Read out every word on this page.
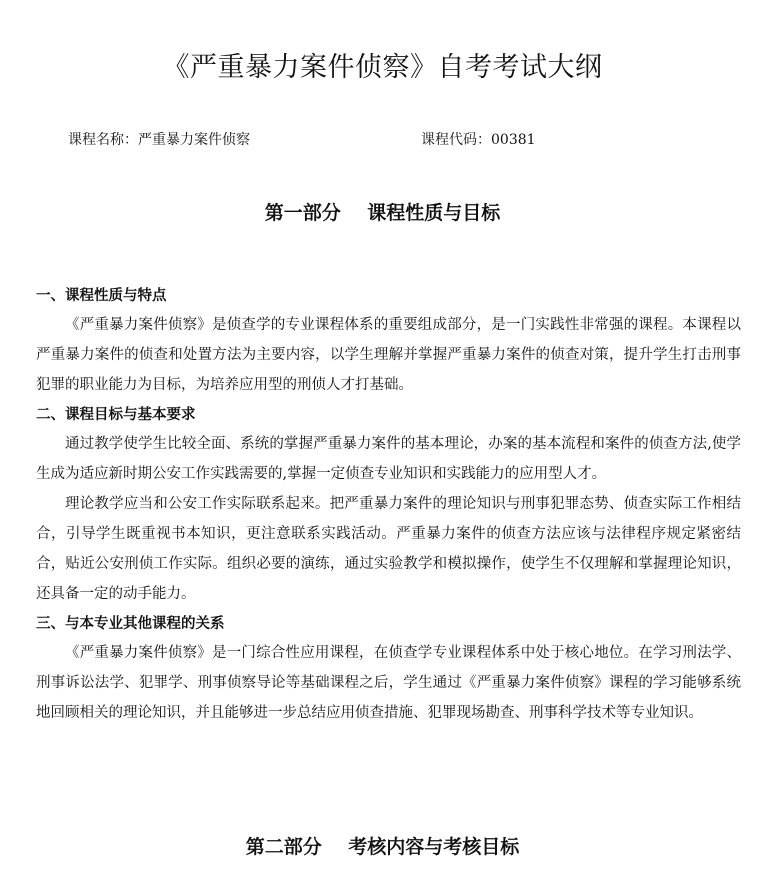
《严重暴力案件侦察》自考考试大纲
课程名称：严重暴力案件侦察	课程代码：00381
第一部分    课程性质与目标
一、课程性质与特点

《严重暴力案件侦察》是侦查学的专业课程体系的重要组成部分，是一门实践性非常强的课程。本课程以严重暴力案件的侦查和处置方法为主要内容，以学生理解并掌握严重暴力案件的侦查对策，提升学生打击刑事犯罪的职业能力为目标，为培养应用型的刑侦人才打基础。

二、课程目标与基本要求

通过教学使学生比较全面、系统的掌握严重暴力案件的基本理论，办案的基本流程和案件的侦查方法,使学生成为适应新时期公安工作实践需要的,掌握一定侦查专业知识和实践能力的应用型人才。

理论教学应当和公安工作实际联系起来。把严重暴力案件的理论知识与刑事犯罪态势、侦查实际工作相结合，引导学生既重视书本知识，更注意联系实践活动。严重暴力案件的侦查方法应该与法律程序规定紧密结合，贴近公安刑侦工作实际。组织必要的演练，通过实验教学和模拟操作，使学生不仅理解和掌握理论知识，还具备一定的动手能力。

三、与本专业其他课程的关系

《严重暴力案件侦察》是一门综合性应用课程，在侦查学专业课程体系中处于核心地位。在学习刑法学、刑事诉讼法学、犯罪学、刑事侦察导论等基础课程之后，学生通过《严重暴力案件侦察》课程的学习能够系统地回顾相关的理论知识，并且能够进一步总结应用侦查措施、犯罪现场勘查、刑事科学技术等专业知识。

第二部分    考核内容与考核目标
